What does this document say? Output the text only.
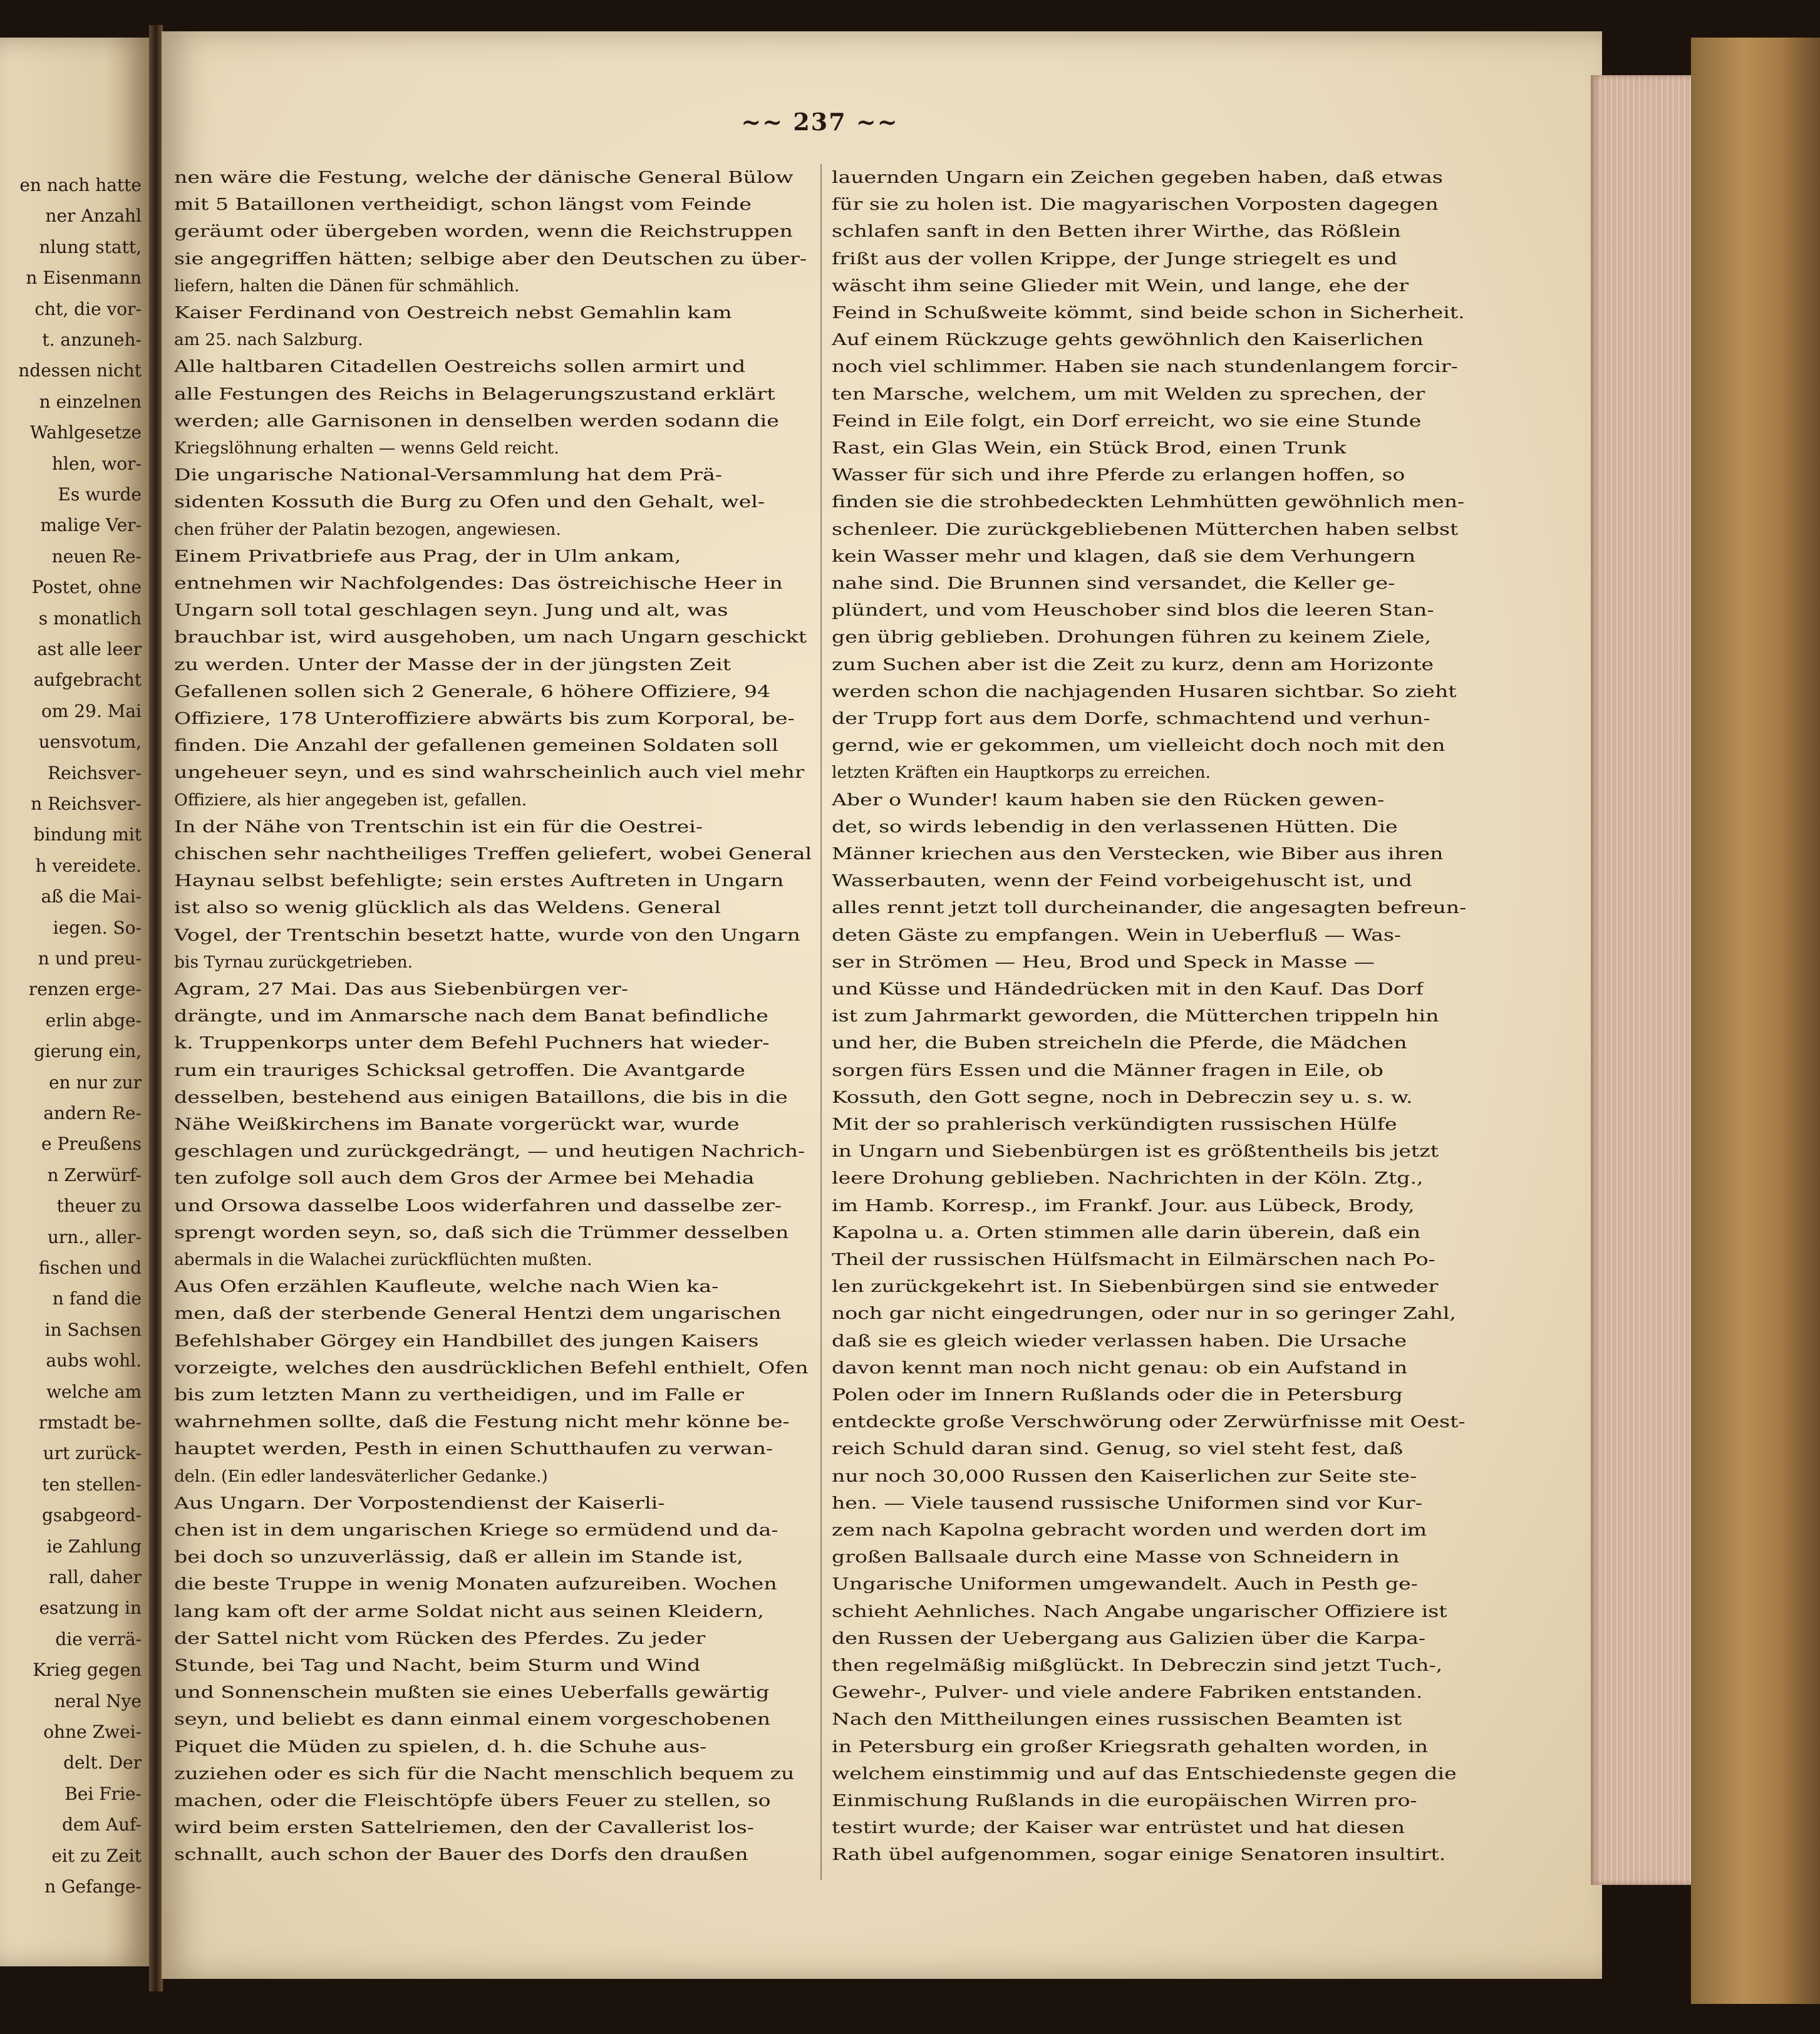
en nach hatte
ner Anzahl
nlung statt,
n Eisenmann
cht, die vor-
t. anzuneh-
ndessen nicht
n einzelnen
Wahlgesetze
hlen, wor-
Es wurde
malige Ver-
neuen Re-
Postet, ohne
s monatlich
ast alle leer
aufgebracht
om 29. Mai
uensvotum,
Reichsver-
n Reichsver-
bindung mit
h vereidete.
aß die Mai-
iegen. So-
n und preu-
renzen erge-
erlin abge-
gierung ein,
en nur zur
andern Re-
e Preußens
n Zerwürf-
theuer zu
urn., aller-
fischen und
n fand die
in Sachsen
aubs wohl.
welche am
rmstadt be-
urt zurück-
ten stellen-
gsabgeord-
ie Zahlung
rall, daher
esatzung in
die verrä-
Krieg gegen
neral Nye
ohne Zwei-
delt. Der
Bei Frie-
dem Auf-
eit zu Zeit
n Gefange-
~~ 237 ~~
nen wäre die Festung, welche der dänische General Bülow
mit 5 Bataillonen vertheidigt, schon längst vom Feinde
geräumt oder übergeben worden, wenn die Reichstruppen
sie angegriffen hätten; selbige aber den Deutschen zu über-
liefern, halten die Dänen für schmählich.
Kaiser Ferdinand von Oestreich nebst Gemahlin kam
am 25. nach Salzburg.
Alle haltbaren Citadellen Oestreichs sollen armirt und
alle Festungen des Reichs in Belagerungszustand erklärt
werden; alle Garnisonen in denselben werden sodann die
Kriegslöhnung erhalten — wenns Geld reicht.
Die ungarische National-Versammlung hat dem Prä-
sidenten Kossuth die Burg zu Ofen und den Gehalt, wel-
chen früher der Palatin bezogen, angewiesen.
Einem Privatbriefe aus Prag, der in Ulm ankam,
entnehmen wir Nachfolgendes: Das östreichische Heer in
Ungarn soll total geschlagen seyn. Jung und alt, was
brauchbar ist, wird ausgehoben, um nach Ungarn geschickt
zu werden. Unter der Masse der in der jüngsten Zeit
Gefallenen sollen sich 2 Generale, 6 höhere Offiziere, 94
Offiziere, 178 Unteroffiziere abwärts bis zum Korporal, be-
finden. Die Anzahl der gefallenen gemeinen Soldaten soll
ungeheuer seyn, und es sind wahrscheinlich auch viel mehr
Offiziere, als hier angegeben ist, gefallen.
In der Nähe von Trentschin ist ein für die Oestrei-
chischen sehr nachtheiliges Treffen geliefert, wobei General
Haynau selbst befehligte; sein erstes Auftreten in Ungarn
ist also so wenig glücklich als das Weldens. General
Vogel, der Trentschin besetzt hatte, wurde von den Ungarn
bis Tyrnau zurückgetrieben.
Agram, 27 Mai. Das aus Siebenbürgen ver-
drängte, und im Anmarsche nach dem Banat befindliche
k. Truppenkorps unter dem Befehl Puchners hat wieder-
rum ein trauriges Schicksal getroffen. Die Avantgarde
desselben, bestehend aus einigen Bataillons, die bis in die
Nähe Weißkirchens im Banate vorgerückt war, wurde
geschlagen und zurückgedrängt, — und heutigen Nachrich-
ten zufolge soll auch dem Gros der Armee bei Mehadia
und Orsowa dasselbe Loos widerfahren und dasselbe zer-
sprengt worden seyn, so, daß sich die Trümmer desselben
abermals in die Walachei zurückflüchten mußten.
Aus Ofen erzählen Kaufleute, welche nach Wien ka-
men, daß der sterbende General Hentzi dem ungarischen
Befehlshaber Görgey ein Handbillet des jungen Kaisers
vorzeigte, welches den ausdrücklichen Befehl enthielt, Ofen
bis zum letzten Mann zu vertheidigen, und im Falle er
wahrnehmen sollte, daß die Festung nicht mehr könne be-
hauptet werden, Pesth in einen Schutthaufen zu verwan-
deln. (Ein edler landesväterlicher Gedanke.)
Aus Ungarn. Der Vorpostendienst der Kaiserli-
chen ist in dem ungarischen Kriege so ermüdend und da-
bei doch so unzuverlässig, daß er allein im Stande ist,
die beste Truppe in wenig Monaten aufzureiben. Wochen
lang kam oft der arme Soldat nicht aus seinen Kleidern,
der Sattel nicht vom Rücken des Pferdes. Zu jeder
Stunde, bei Tag und Nacht, beim Sturm und Wind
und Sonnenschein mußten sie eines Ueberfalls gewärtig
seyn, und beliebt es dann einmal einem vorgeschobenen
Piquet die Müden zu spielen, d. h. die Schuhe aus-
zuziehen oder es sich für die Nacht menschlich bequem zu
machen, oder die Fleischtöpfe übers Feuer zu stellen, so
wird beim ersten Sattelriemen, den der Cavallerist los-
schnallt, auch schon der Bauer des Dorfs den draußen
lauernden Ungarn ein Zeichen gegeben haben, daß etwas
für sie zu holen ist. Die magyarischen Vorposten dagegen
schlafen sanft in den Betten ihrer Wirthe, das Rößlein
frißt aus der vollen Krippe, der Junge striegelt es und
wäscht ihm seine Glieder mit Wein, und lange, ehe der
Feind in Schußweite kömmt, sind beide schon in Sicherheit.
Auf einem Rückzuge gehts gewöhnlich den Kaiserlichen
noch viel schlimmer. Haben sie nach stundenlangem forcir-
ten Marsche, welchem, um mit Welden zu sprechen, der
Feind in Eile folgt, ein Dorf erreicht, wo sie eine Stunde
Rast, ein Glas Wein, ein Stück Brod, einen Trunk
Wasser für sich und ihre Pferde zu erlangen hoffen, so
finden sie die strohbedeckten Lehmhütten gewöhnlich men-
schenleer. Die zurückgebliebenen Mütterchen haben selbst
kein Wasser mehr und klagen, daß sie dem Verhungern
nahe sind. Die Brunnen sind versandet, die Keller ge-
plündert, und vom Heuschober sind blos die leeren Stan-
gen übrig geblieben. Drohungen führen zu keinem Ziele,
zum Suchen aber ist die Zeit zu kurz, denn am Horizonte
werden schon die nachjagenden Husaren sichtbar. So zieht
der Trupp fort aus dem Dorfe, schmachtend und verhun-
gernd, wie er gekommen, um vielleicht doch noch mit den
letzten Kräften ein Hauptkorps zu erreichen.
Aber o Wunder! kaum haben sie den Rücken gewen-
det, so wirds lebendig in den verlassenen Hütten. Die
Männer kriechen aus den Verstecken, wie Biber aus ihren
Wasserbauten, wenn der Feind vorbeigehuscht ist, und
alles rennt jetzt toll durcheinander, die angesagten befreun-
deten Gäste zu empfangen. Wein in Ueberfluß — Was-
ser in Strömen — Heu, Brod und Speck in Masse —
und Küsse und Händedrücken mit in den Kauf. Das Dorf
ist zum Jahrmarkt geworden, die Mütterchen trippeln hin
und her, die Buben streicheln die Pferde, die Mädchen
sorgen fürs Essen und die Männer fragen in Eile, ob
Kossuth, den Gott segne, noch in Debreczin sey u. s. w.
Mit der so prahlerisch verkündigten russischen Hülfe
in Ungarn und Siebenbürgen ist es größtentheils bis jetzt
leere Drohung geblieben. Nachrichten in der Köln. Ztg.,
im Hamb. Korresp., im Frankf. Jour. aus Lübeck, Brody,
Kapolna u. a. Orten stimmen alle darin überein, daß ein
Theil der russischen Hülfsmacht in Eilmärschen nach Po-
len zurückgekehrt ist. In Siebenbürgen sind sie entweder
noch gar nicht eingedrungen, oder nur in so geringer Zahl,
daß sie es gleich wieder verlassen haben. Die Ursache
davon kennt man noch nicht genau: ob ein Aufstand in
Polen oder im Innern Rußlands oder die in Petersburg
entdeckte große Verschwörung oder Zerwürfnisse mit Oest-
reich Schuld daran sind. Genug, so viel steht fest, daß
nur noch 30,000 Russen den Kaiserlichen zur Seite ste-
hen. — Viele tausend russische Uniformen sind vor Kur-
zem nach Kapolna gebracht worden und werden dort im
großen Ballsaale durch eine Masse von Schneidern in
Ungarische Uniformen umgewandelt. Auch in Pesth ge-
schieht Aehnliches. Nach Angabe ungarischer Offiziere ist
den Russen der Uebergang aus Galizien über die Karpa-
then regelmäßig mißglückt. In Debreczin sind jetzt Tuch-,
Gewehr-, Pulver- und viele andere Fabriken entstanden.
Nach den Mittheilungen eines russischen Beamten ist
in Petersburg ein großer Kriegsrath gehalten worden, in
welchem einstimmig und auf das Entschiedenste gegen die
Einmischung Rußlands in die europäischen Wirren pro-
testirt wurde; der Kaiser war entrüstet und hat diesen
Rath übel aufgenommen, sogar einige Senatoren insultirt.
